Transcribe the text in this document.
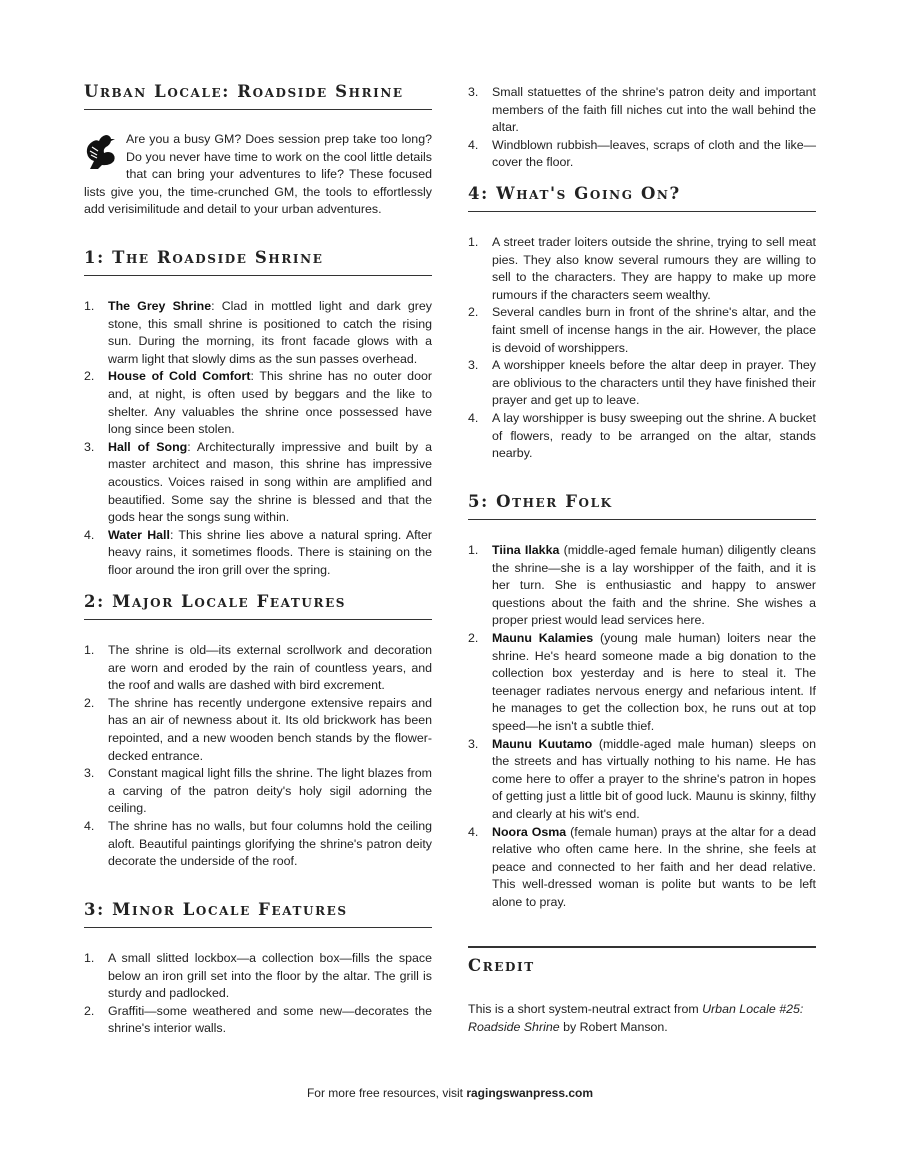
Urban Locale: Roadside Shrine
Are you a busy GM? Does session prep take too long? Do you never have time to work on the cool little details that can bring your adventures to life? These focused lists give you, the time-crunched GM, the tools to effortlessly add verisimilitude and detail to your urban adventures.
1: The Roadside Shrine
1. The Grey Shrine: Clad in mottled light and dark grey stone, this small shrine is positioned to catch the rising sun. During the morning, its front facade glows with a warm light that slowly dims as the sun passes overhead.
2. House of Cold Comfort: This shrine has no outer door and, at night, is often used by beggars and the like to shelter. Any valuables the shrine once possessed have long since been stolen.
3. Hall of Song: Architecturally impressive and built by a master architect and mason, this shrine has impressive acoustics. Voices raised in song within are amplified and beautified. Some say the shrine is blessed and that the gods hear the songs sung within.
4. Water Hall: This shrine lies above a natural spring. After heavy rains, it sometimes floods. There is staining on the floor around the iron grill over the spring.
2: Major Locale Features
1. The shrine is old—its external scrollwork and decoration are worn and eroded by the rain of countless years, and the roof and walls are dashed with bird excrement.
2. The shrine has recently undergone extensive repairs and has an air of newness about it. Its old brickwork has been repointed, and a new wooden bench stands by the flower-decked entrance.
3. Constant magical light fills the shrine. The light blazes from a carving of the patron deity's holy sigil adorning the ceiling.
4. The shrine has no walls, but four columns hold the ceiling aloft. Beautiful paintings glorifying the shrine's patron deity decorate the underside of the roof.
3: Minor Locale Features
1. A small slitted lockbox—a collection box—fills the space below an iron grill set into the floor by the altar. The grill is sturdy and padlocked.
2. Graffiti—some weathered and some new—decorates the shrine's interior walls.
3. Small statuettes of the shrine's patron deity and important members of the faith fill niches cut into the wall behind the altar.
4. Windblown rubbish—leaves, scraps of cloth and the like—cover the floor.
4: What's Going On?
1. A street trader loiters outside the shrine, trying to sell meat pies. They also know several rumours they are willing to sell to the characters. They are happy to make up more rumours if the characters seem wealthy.
2. Several candles burn in front of the shrine's altar, and the faint smell of incense hangs in the air. However, the place is devoid of worshippers.
3. A worshipper kneels before the altar deep in prayer. They are oblivious to the characters until they have finished their prayer and get up to leave.
4. A lay worshipper is busy sweeping out the shrine. A bucket of flowers, ready to be arranged on the altar, stands nearby.
5: Other Folk
1. Tiina Ilakka (middle-aged female human) diligently cleans the shrine—she is a lay worshipper of the faith, and it is her turn. She is enthusiastic and happy to answer questions about the faith and the shrine. She wishes a proper priest would lead services here.
2. Maunu Kalamies (young male human) loiters near the shrine. He's heard someone made a big donation to the collection box yesterday and is here to steal it. The teenager radiates nervous energy and nefarious intent. If he manages to get the collection box, he runs out at top speed—he isn't a subtle thief.
3. Maunu Kuutamo (middle-aged male human) sleeps on the streets and has virtually nothing to his name. He has come here to offer a prayer to the shrine's patron in hopes of getting just a little bit of good luck. Maunu is skinny, filthy and clearly at his wit's end.
4. Noora Osma (female human) prays at the altar for a dead relative who often came here. In the shrine, she feels at peace and connected to her faith and her dead relative. This well-dressed woman is polite but wants to be left alone to pray.
Credit
This is a short system-neutral extract from Urban Locale #25: Roadside Shrine by Robert Manson.
For more free resources, visit ragingswanpress.com
